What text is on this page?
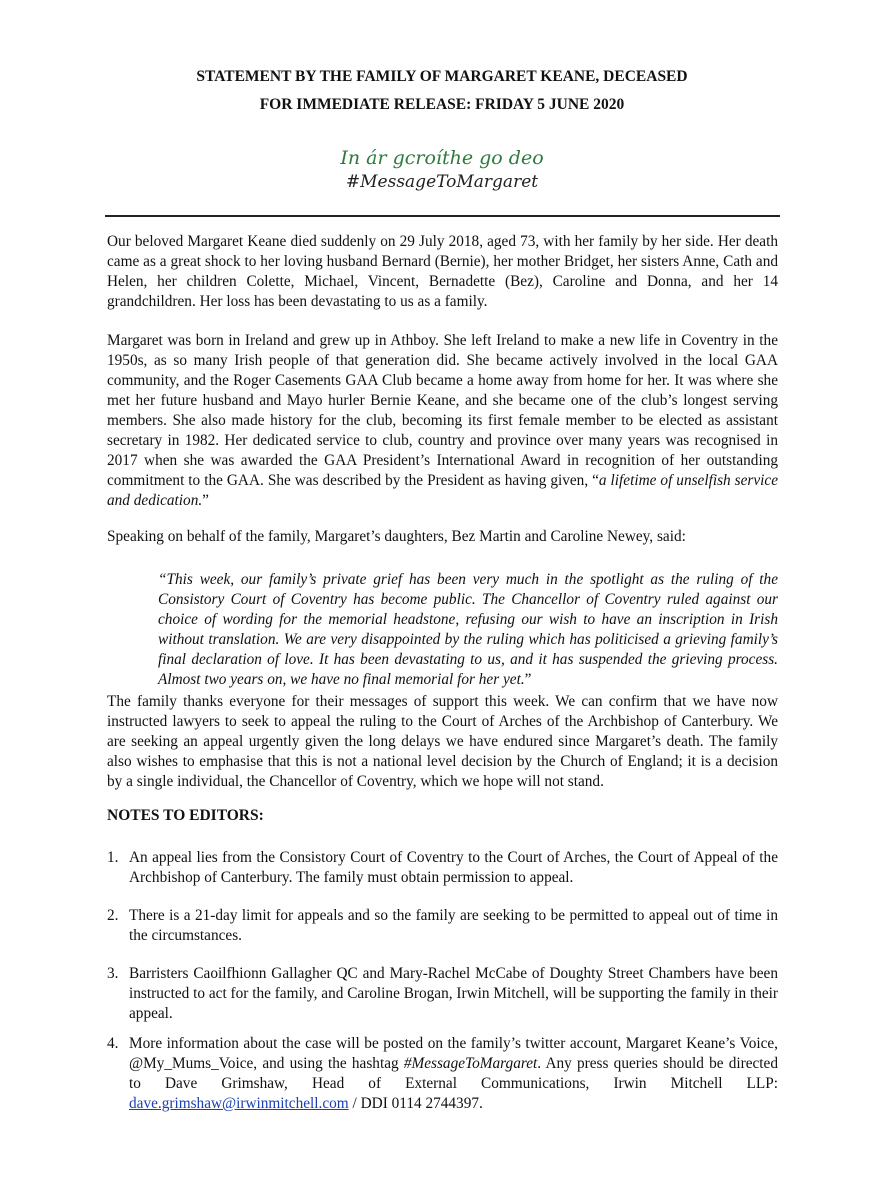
STATEMENT BY THE FAMILY OF MARGARET KEANE, DECEASED
FOR IMMEDIATE RELEASE: FRIDAY 5 JUNE 2020
In ár gcroíthe go deo
#MessageToMargaret

Our beloved Margaret Keane died suddenly on 29 July 2018, aged 73, with her family by her side. Her death came as a great shock to her loving husband Bernard (Bernie), her mother Bridget, her sisters Anne, Cath and Helen, her children Colette, Michael, Vincent, Bernadette (Bez), Caroline and Donna, and her 14 grandchildren. Her loss has been devastating to us as a family.

Margaret was born in Ireland and grew up in Athboy. She left Ireland to make a new life in Coventry in the 1950s, as so many Irish people of that generation did. She became actively involved in the local GAA community, and the Roger Casements GAA Club became a home away from home for her. It was where she met her future husband and Mayo hurler Bernie Keane, and she became one of the club’s longest serving members. She also made history for the club, becoming its first female member to be elected as assistant secretary in 1982. Her dedicated service to club, country and province over many years was recognised in 2017 when she was awarded the GAA President’s International Award in recognition of her outstanding commitment to the GAA. She was described by the President as having given, “a lifetime of unselfish service and dedication.”

Speaking on behalf of the family, Margaret’s daughters, Bez Martin and Caroline Newey, said:

“This week, our family’s private grief has been very much in the spotlight as the ruling of the Consistory Court of Coventry has become public. The Chancellor of Coventry ruled against our choice of wording for the memorial headstone, refusing our wish to have an inscription in Irish without translation. We are very disappointed by the ruling which has politicised a grieving family’s final declaration of love. It has been devastating to us, and it has suspended the grieving process. Almost two years on, we have no final memorial for her yet.”

The family thanks everyone for their messages of support this week. We can confirm that we have now instructed lawyers to seek to appeal the ruling to the Court of Arches of the Archbishop of Canterbury. We are seeking an appeal urgently given the long delays we have endured since Margaret’s death. The family also wishes to emphasise that this is not a national level decision by the Church of England; it is a decision by a single individual, the Chancellor of Coventry, which we hope will not stand.

NOTES TO EDITORS:
1. An appeal lies from the Consistory Court of Coventry to the Court of Arches, the Court of Appeal of the Archbishop of Canterbury. The family must obtain permission to appeal.
2. There is a 21-day limit for appeals and so the family are seeking to be permitted to appeal out of time in the circumstances.
3. Barristers Caoilfhionn Gallagher QC and Mary-Rachel McCabe of Doughty Street Chambers have been instructed to act for the family, and Caroline Brogan, Irwin Mitchell, will be supporting the family in their appeal.
4. More information about the case will be posted on the family’s twitter account, Margaret Keane’s Voice, @My_Mums_Voice, and using the hashtag #MessageToMargaret. Any press queries should be directed to Dave Grimshaw, Head of External Communications, Irwin Mitchell LLP: dave.grimshaw@irwinmitchell.com / DDI 0114 2744397.
